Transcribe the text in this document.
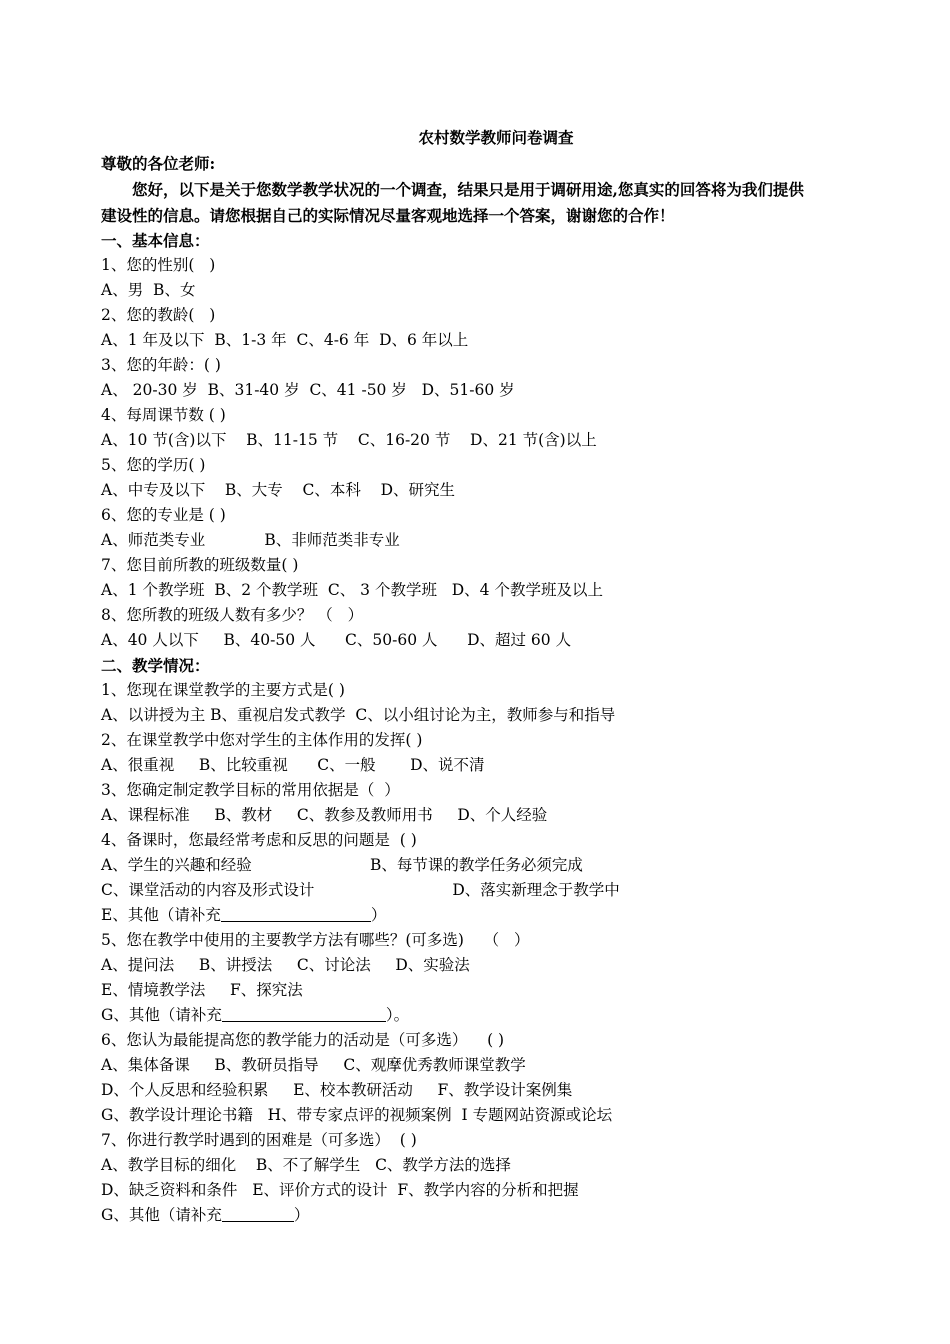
农村数学教师问卷调查
尊敬的各位老师:
您好，以下是关于您数学教学状况的一个调查，结果只是用于调研用途,您真实的回答将为我们提供
建设性的信息。请您根据自己的实际情况尽量客观地选择一个答案，谢谢您的合作！
一、基本信息：
1、您的性别(   )
A、男  B、女
2、您的教龄(   )
A、1 年及以下  B、1-3 年  C、4-6 年  D、6 年以上
3、您的年龄：( )
A、 20-30 岁  B、31-40 岁  C、41 -50 岁   D、51-60 岁
4、每周课节数 ( )
A、10 节(含)以下    B、11-15 节    C、16-20 节    D、21 节(含)以上
5、您的学历( )
A、中专及以下    B、大专    C、本科    D、研究生
6、您的专业是 ( )
A、师范类专业            B、非师范类非专业
7、您目前所教的班级数量( )
A、1 个教学班  B、2 个教学班  C、 3 个教学班   D、4 个教学班及以上
8、您所教的班级人数有多少？ （   ）
A、40 人以下     B、40-50 人      C、50-60 人      D、超过 60 人
二、教学情况：
1、您现在课堂教学的主要方式是( )
A、以讲授为主 B、重视启发式教学  C、以小组讨论为主，教师参与和指导
2、在课堂教学中您对学生的主体作用的发挥( )
A、很重视     B、比较重视      C、一般       D、说不清
3、您确定制定教学目标的常用依据是（  ）
A、课程标准     B、教材     C、教参及教师用书     D、个人经验
4、备课时，您最经常考虑和反思的问题是  ( )
A、学生的兴趣和经验                        B、每节课的教学任务必须完成
C、课堂活动的内容及形式设计                            D、落实新理念于教学中
E、其他（请补充	）
5、您在教学中使用的主要教学方法有哪些？(可多选)    （   ）
A、提问法     B、讲授法     C、讨论法     D、实验法
E、情境教学法     F、探究法
G、其他（请补充	）。
6、您认为最能提高您的教学能力的活动是（可多选）    ( )
A、集体备课     B、教研员指导     C、观摩优秀教师课堂教学
D、个人反思和经验积累     E、校本教研活动     F、教学设计案例集
G、教学设计理论书籍   H、带专家点评的视频案例  I 专题网站资源或论坛
7、你进行教学时遇到的困难是（可多选）  ( )
A、教学目标的细化    B、不了解学生   C、教学方法的选择
D、缺乏资料和条件   E、评价方式的设计  F、教学内容的分析和把握
G、其他（请补充	）
